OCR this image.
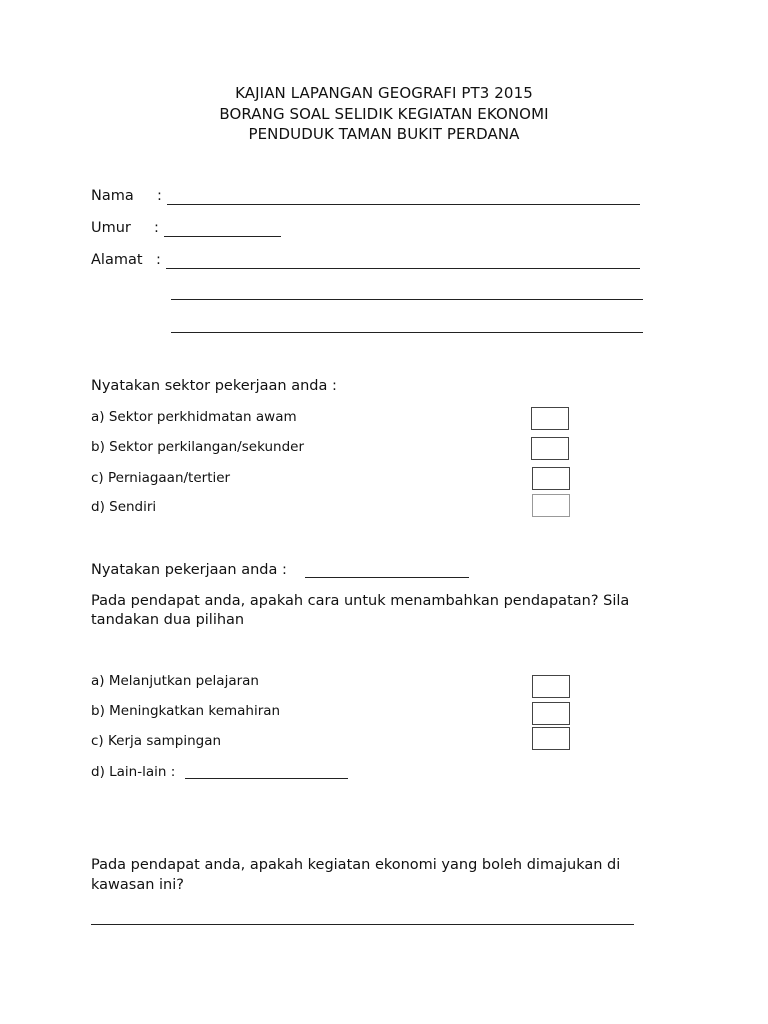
KAJIAN LAPANGAN GEOGRAFI PT3 2015
BORANG SOAL SELIDIK KEGIATAN EKONOMI
PENDUDUK TAMAN BUKIT PERDANA
Nama :
Umur :
Alamat :
Nyatakan sektor pekerjaan anda :
a) Sektor perkhidmatan awam
b) Sektor perkilangan/sekunder
c) Perniagaan/tertier
d) Sendiri
Nyatakan pekerjaan anda :
Pada pendapat anda, apakah cara untuk menambahkan pendapatan? Sila
tandakan dua pilihan
a) Melanjutkan pelajaran
b) Meningkatkan kemahiran
c) Kerja sampingan
d) Lain-lain :
Pada pendapat anda, apakah kegiatan ekonomi yang boleh dimajukan di
kawasan ini?
